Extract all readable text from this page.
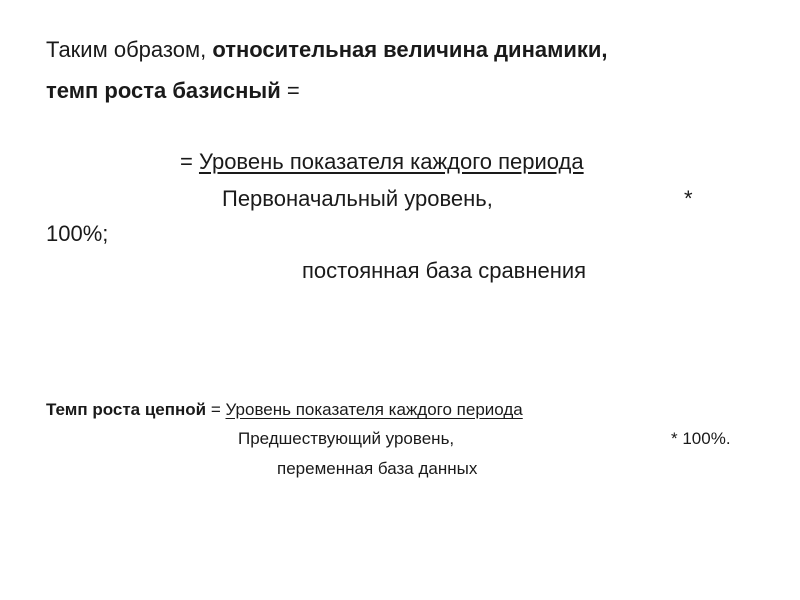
Таким образом, относительная величина динамики,
темп роста базисный =
= Уровень показателя каждого периода
Первоначальный уровень,	*
100%;
постоянная база сравнения
Темп роста цепной = Уровень показателя каждого периода
Предшествующий уровень,	* 100%.
переменная база данных
